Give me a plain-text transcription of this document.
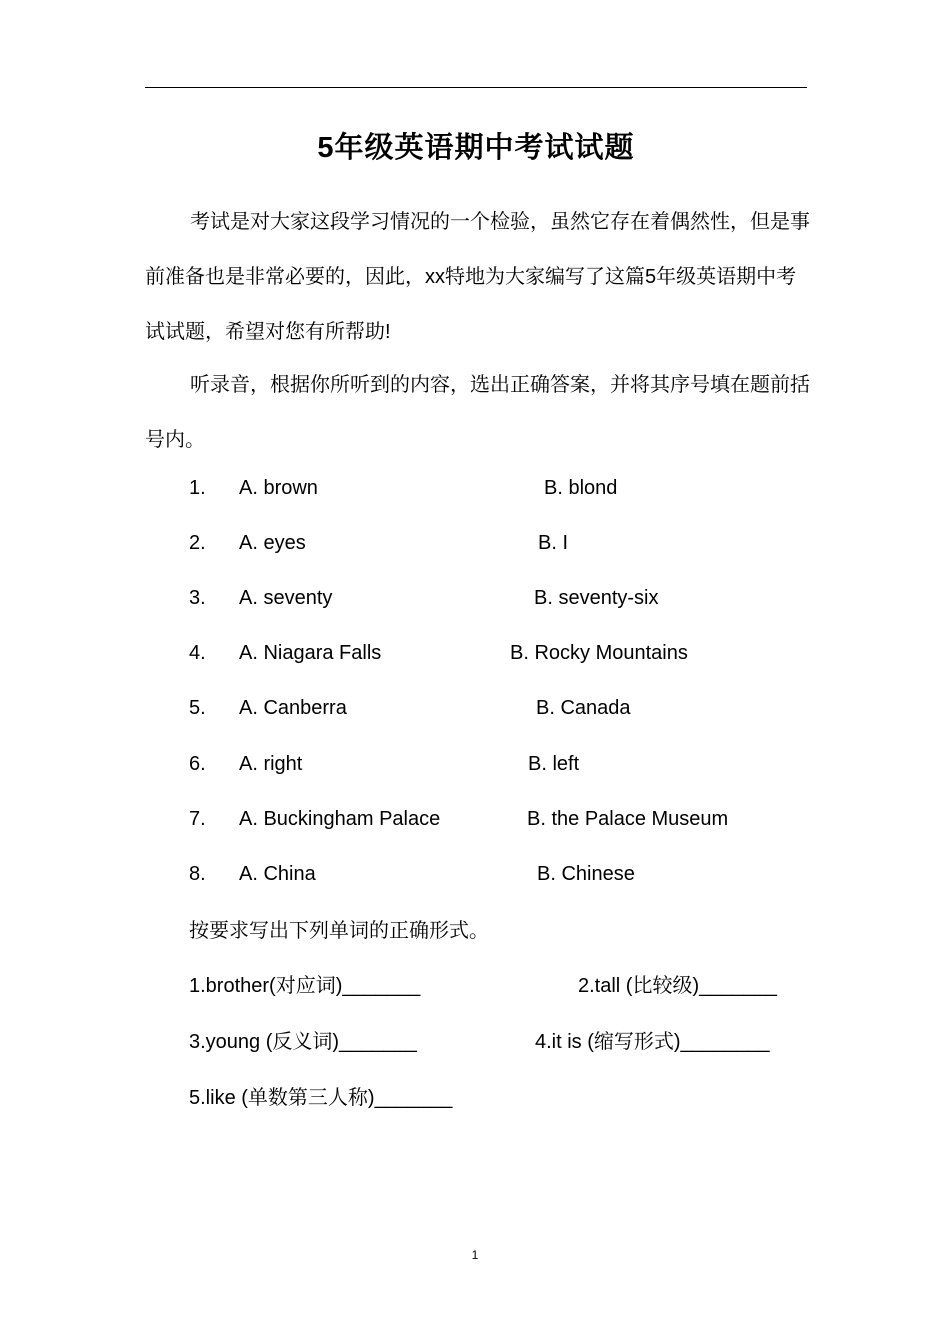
5年级英语期中考试试题

考试是对大家这段学习情况的一个检验，虽然它存在着偶然性，但是事前准备也是非常必要的，因此，xx特地为大家编写了这篇5年级英语期中考试试题，希望对您有所帮助!

听录音，根据你所听到的内容，选出正确答案，并将其序号填在题前括号内。

1. A. brown	B. blond
2. A. eyes	B. I
3. A. seventy	B. seventy-six
4. A. Niagara Falls	B. Rocky Mountains
5. A. Canberra	B. Canada
6. A. right	B. left
7. A. Buckingham Palace	B. the Palace Museum
8. A. China	B. Chinese
按要求写出下列单词的正确形式。
1.brother(对应词)_______	2.tall (比较级)_______
3.young (反义词)_______	4.it is (缩写形式)________
5.like (单数第三人称)_______
1
